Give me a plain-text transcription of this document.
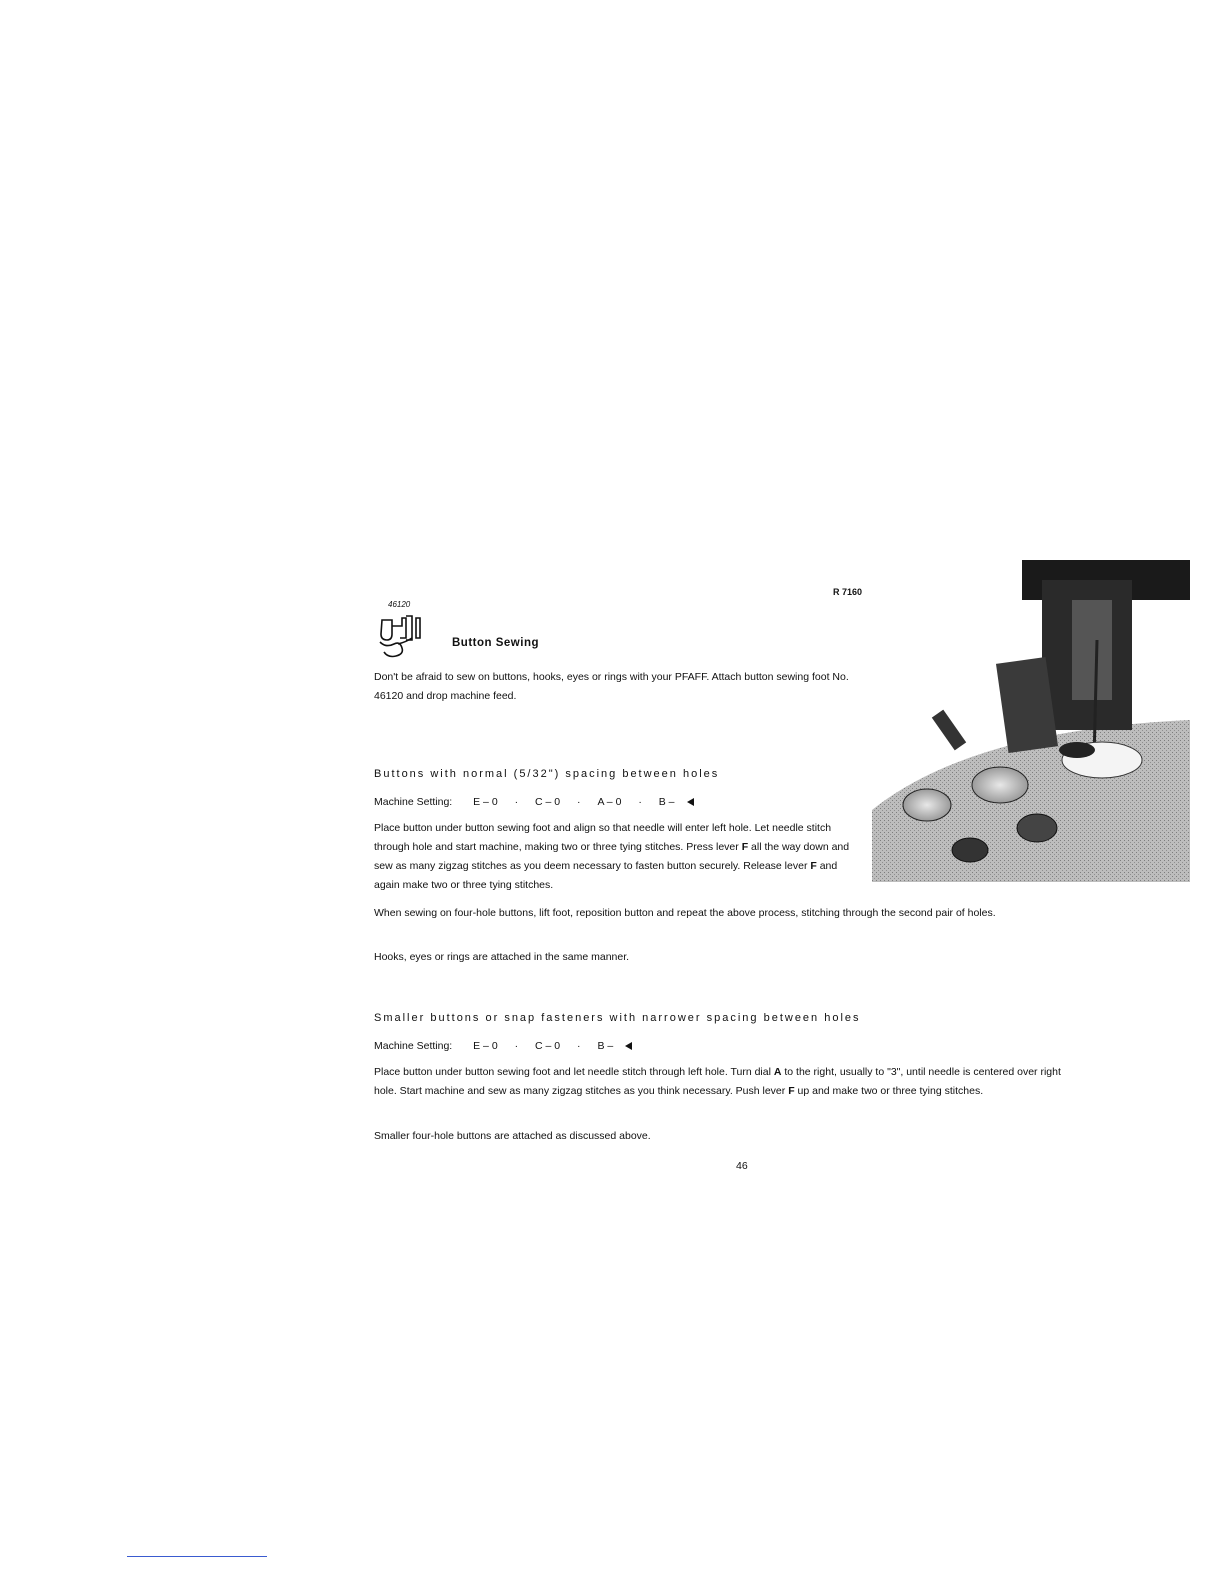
46120
Button Sewing
R 7160
Don't be afraid to sew on buttons, hooks, eyes or rings with your PFAFF. Attach button sewing foot No. 46120 and drop machine feed.
Buttons with normal (5/32") spacing between holes
Machine Setting: E – 0 · C – 0 · A – 0 · B –
Place button under button sewing foot and align so that needle will enter left hole. Let needle stitch through hole and start machine, making two or three tying stitches. Press lever F all the way down and sew as many zigzag stitches as you deem necessary to fasten button securely. Release lever F and again make two or three tying stitches.
When sewing on four-hole buttons, lift foot, reposition button and repeat the above process, stitching through the second pair of holes.
Hooks, eyes or rings are attached in the same manner.
Smaller buttons or snap fasteners with narrower spacing between holes
Machine Setting: E – 0 · C – 0 · B –
Place button under button sewing foot and let needle stitch through left hole. Turn dial A to the right, usually to "3", until needle is centered over right hole. Start machine and sew as many zigzag stitches as you think necessary. Push lever F up and make two or three tying stitches.
Smaller four-hole buttons are attached as discussed above.
46
